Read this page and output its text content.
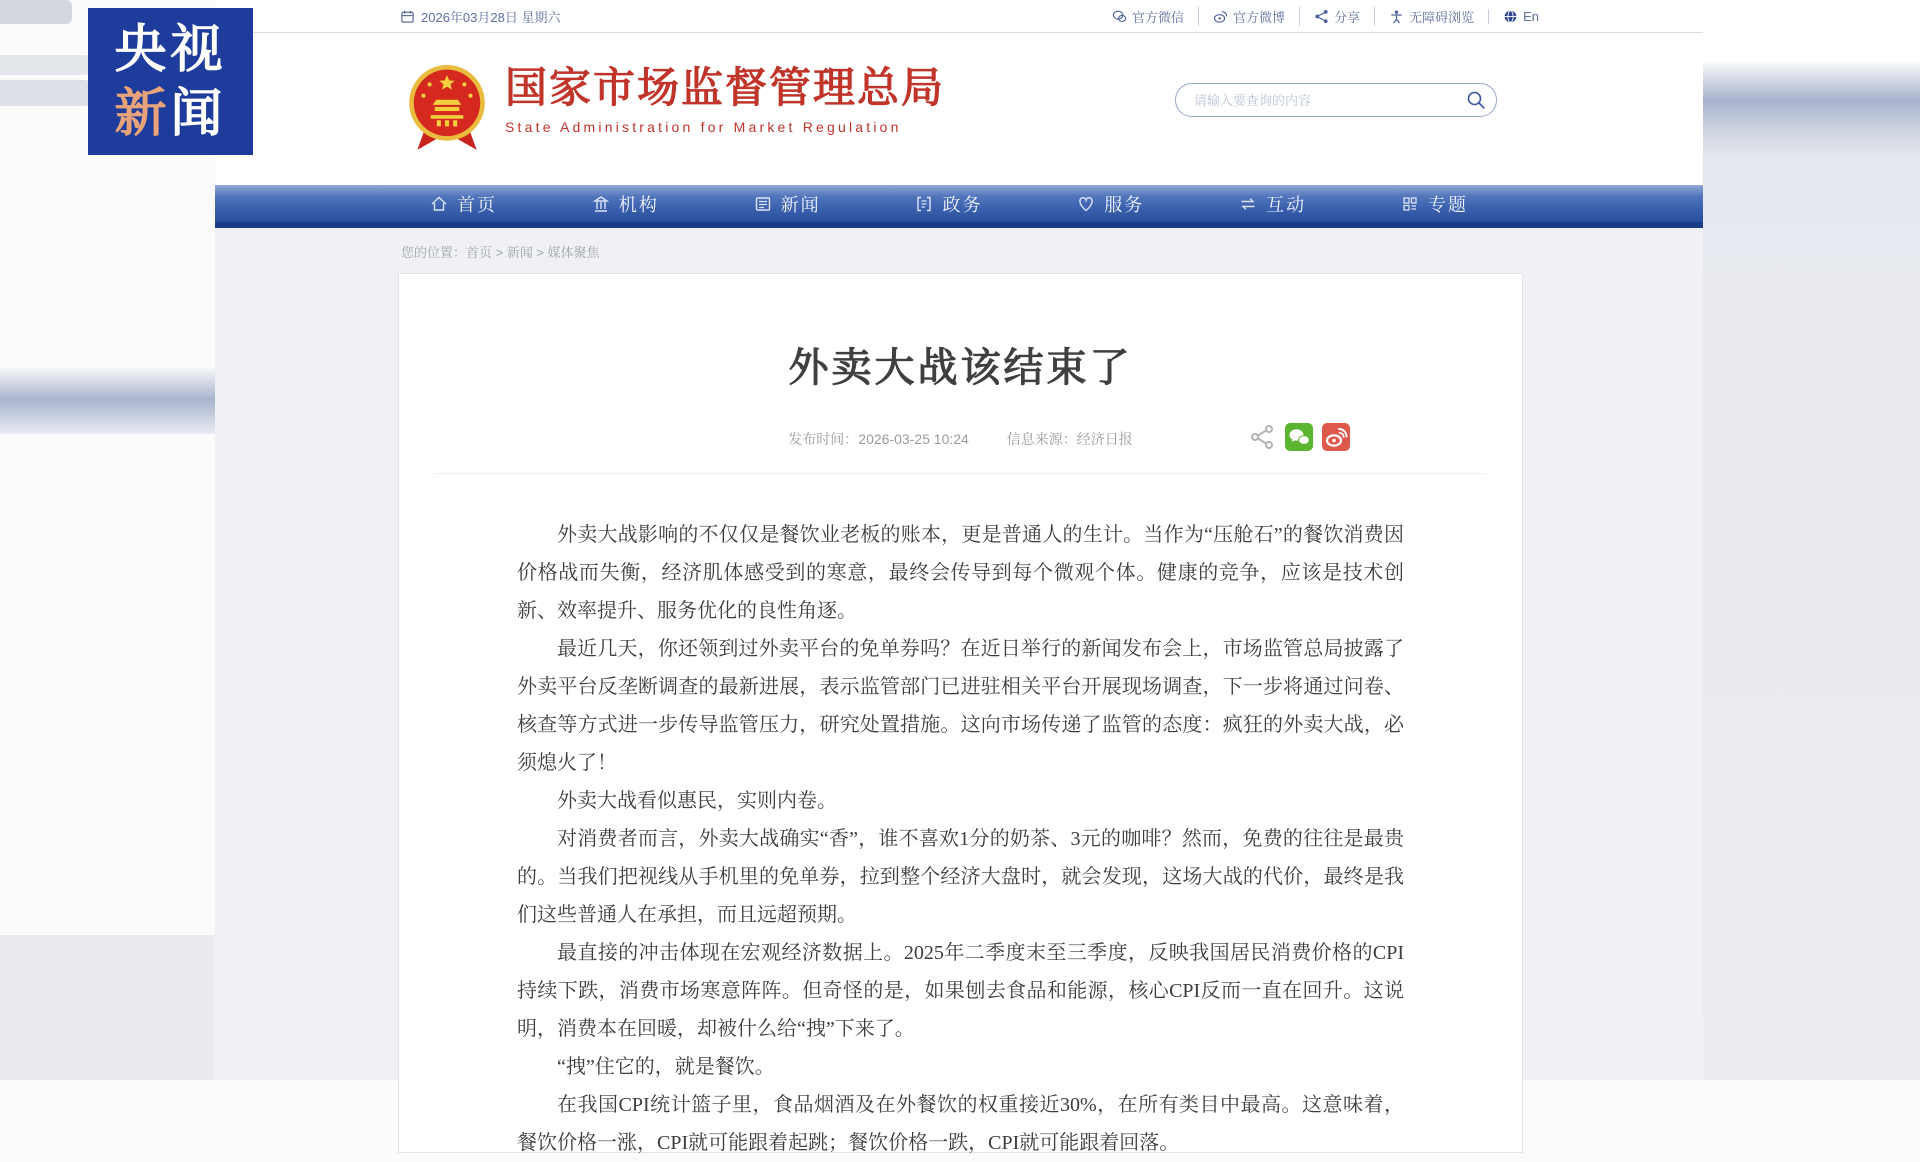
2026年03月28日 星期六	官方微信	官方微博	分享	无障碍浏览	En
国家市场监督管理总局
State Administration for Market Regulation
请输入要查询的内容
首页	机构	新闻	政务	服务	互动	专题
您的位置：首页 > 新闻 > 媒体聚焦
外卖大战该结束了
发布时间：2026-03-25 10:24	信息来源：经济日报

外卖大战影响的不仅仅是餐饮业老板的账本，更是普通人的生计。当作为“压舱石”的餐饮消费因价格战而失衡，经济肌体感受到的寒意，最终会传导到每个微观个体。健康的竞争，应该是技术创新、效率提升、服务优化的良性角逐。

最近几天，你还领到过外卖平台的免单券吗？在近日举行的新闻发布会上，市场监管总局披露了外卖平台反垄断调查的最新进展，表示监管部门已进驻相关平台开展现场调查，下一步将通过问卷、核查等方式进一步传导监管压力，研究处置措施。这向市场传递了监管的态度：疯狂的外卖大战，必须熄火了！

外卖大战看似惠民，实则内卷。

对消费者而言，外卖大战确实“香”，谁不喜欢1分的奶茶、3元的咖啡？然而，免费的往往是最贵的。当我们把视线从手机里的免单券，拉到整个经济大盘时，就会发现，这场大战的代价，最终是我们这些普通人在承担，而且远超预期。

最直接的冲击体现在宏观经济数据上。2025年二季度末至三季度，反映我国居民消费价格的CPI持续下跌，消费市场寒意阵阵。但奇怪的是，如果刨去食品和能源，核心CPI反而一直在回升。这说明，消费本在回暖，却被什么给“拽”下来了。

“拽”住它的，就是餐饮。

在我国CPI统计篮子里，食品烟酒及在外餐饮的权重接近30%，在所有类目中最高。这意味着，餐饮价格一涨，CPI就可能跟着起跳；餐饮价格一跌，CPI就可能跟着回落。

央视
新闻
